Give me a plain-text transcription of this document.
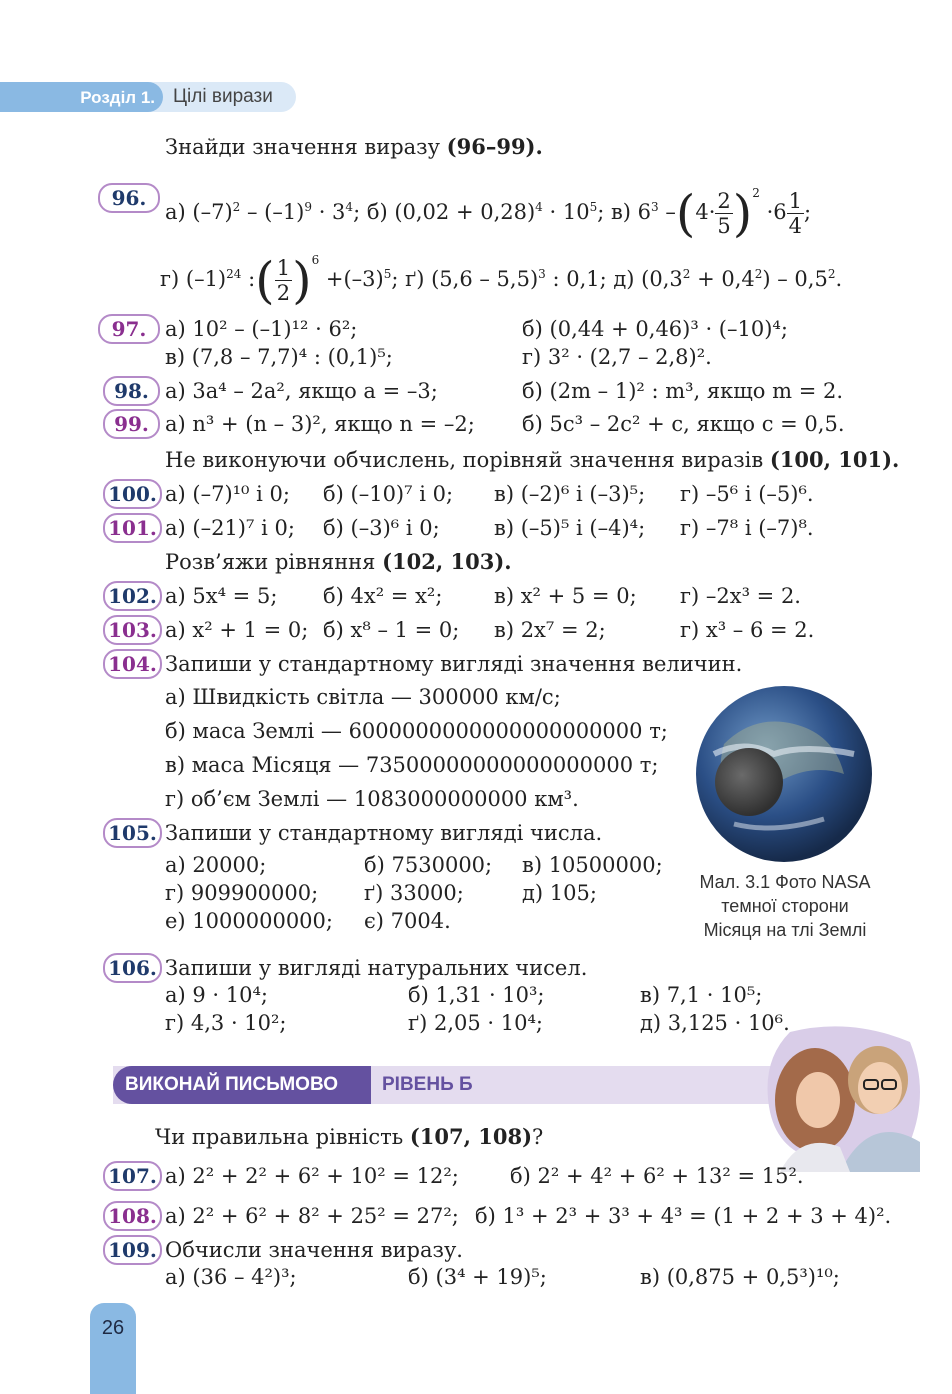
Розділ 1. Цілі вирази
Знайди значення виразу (96–99).
96.
а) $(-7)^2 - (-1)^9 \cdot 3^4$; б) $(0,02 + 0,28)^4 \cdot 10^5$; в) $6^3$ $-(4\cdot \frac{2}{5} )^2 \cdot 6 \frac{1}{4}$ ;
г) $(-1)^{24}$ :( $\frac{1}{2} )^6 +(-3)^5$; ґ) (5,6 – 5,5)$^3$ : 0,1; д) $(0,3^2 + 0,4^2) - 0,5^2$.
97. а) 10² – (–1)¹² · 6²;	б) (0,44 + 0,46)³ · (–10)⁴;
в) (7,8 – 7,7)⁴ : (0,1)⁵;	г) 3² · (2,7 – 2,8)².
98. а) 3a⁴ – 2a², якщо a = –3;	б) (2m – 1)² : m³, якщо m = 2.
99. а) n³ + (n – 3)², якщо n = –2; б) 5c³ – 2c² + c, якщо c = 0,5.
Не виконуючи обчислень, порівняй значення виразів (100, 101).
100. а) (–7)¹⁰ і 0; б) (–10)⁷ і 0; в) (–2)⁶ і (–3)⁵; г) –5⁶ і (–5)⁶.
101. а) (–21)⁷ і 0; б) (–3)⁶ і 0;	в) (–5)⁵ і (–4)⁴; г) –7⁸ і (–7)⁸.
Розв’яжи рівняння (102, 103).
102. а) 5x⁴ = 5; б) 4x² = x²; в) x² + 5 = 0; г) –2x³ = 2.
103. а) x² + 1 = 0; б) x⁸ – 1 = 0; в) 2x⁷ = 2;	г) x³ – 6 = 2.
104. Запиши у стандартному вигляді значення величин.
а) Швидкість світла — 300000 км/с;
б) маса Землі — 6000000000000000000000 т;
в) маса Місяця — 73500000000000000000 т;
г) об’єм Землі — 1083000000000 км³.
Мал. 3.1 Фото NASA
темної сторони
Місяця на тлі Землі
105. Запиши у стандартному вигляді числа.
а) 20000;	б) 7530000; в) 10500000;
г) 909900000; ґ) 33000;	д) 105;
е) 1000000000; є) 7004.
106. Запиши у вигляді натуральних чисел.
а) 9 · 10⁴;	б) 1,31 · 10³;	в) 7,1 · 10⁵;
г) 4,3 · 10²;	ґ) 2,05 · 10⁴;	д) 3,125 · 10⁶.
ВИКОНАЙ ПИСЬМОВО РІВЕНЬ Б
Чи правильна рівність (107, 108)?
107. а) 2² + 2² + 6² + 10² = 12²; б) 2² + 4² + 6² + 13² = 15².
108. а) 2² + 6² + 8² + 25² = 27²; б) 1³ + 2³ + 3³ + 4³ = (1 + 2 + 3 + 4)².
109. Обчисли значення виразу.
а) (36 – 4²)³;	б) (3⁴ + 19)⁵;	в) (0,875 + 0,5³)¹⁰;
26
